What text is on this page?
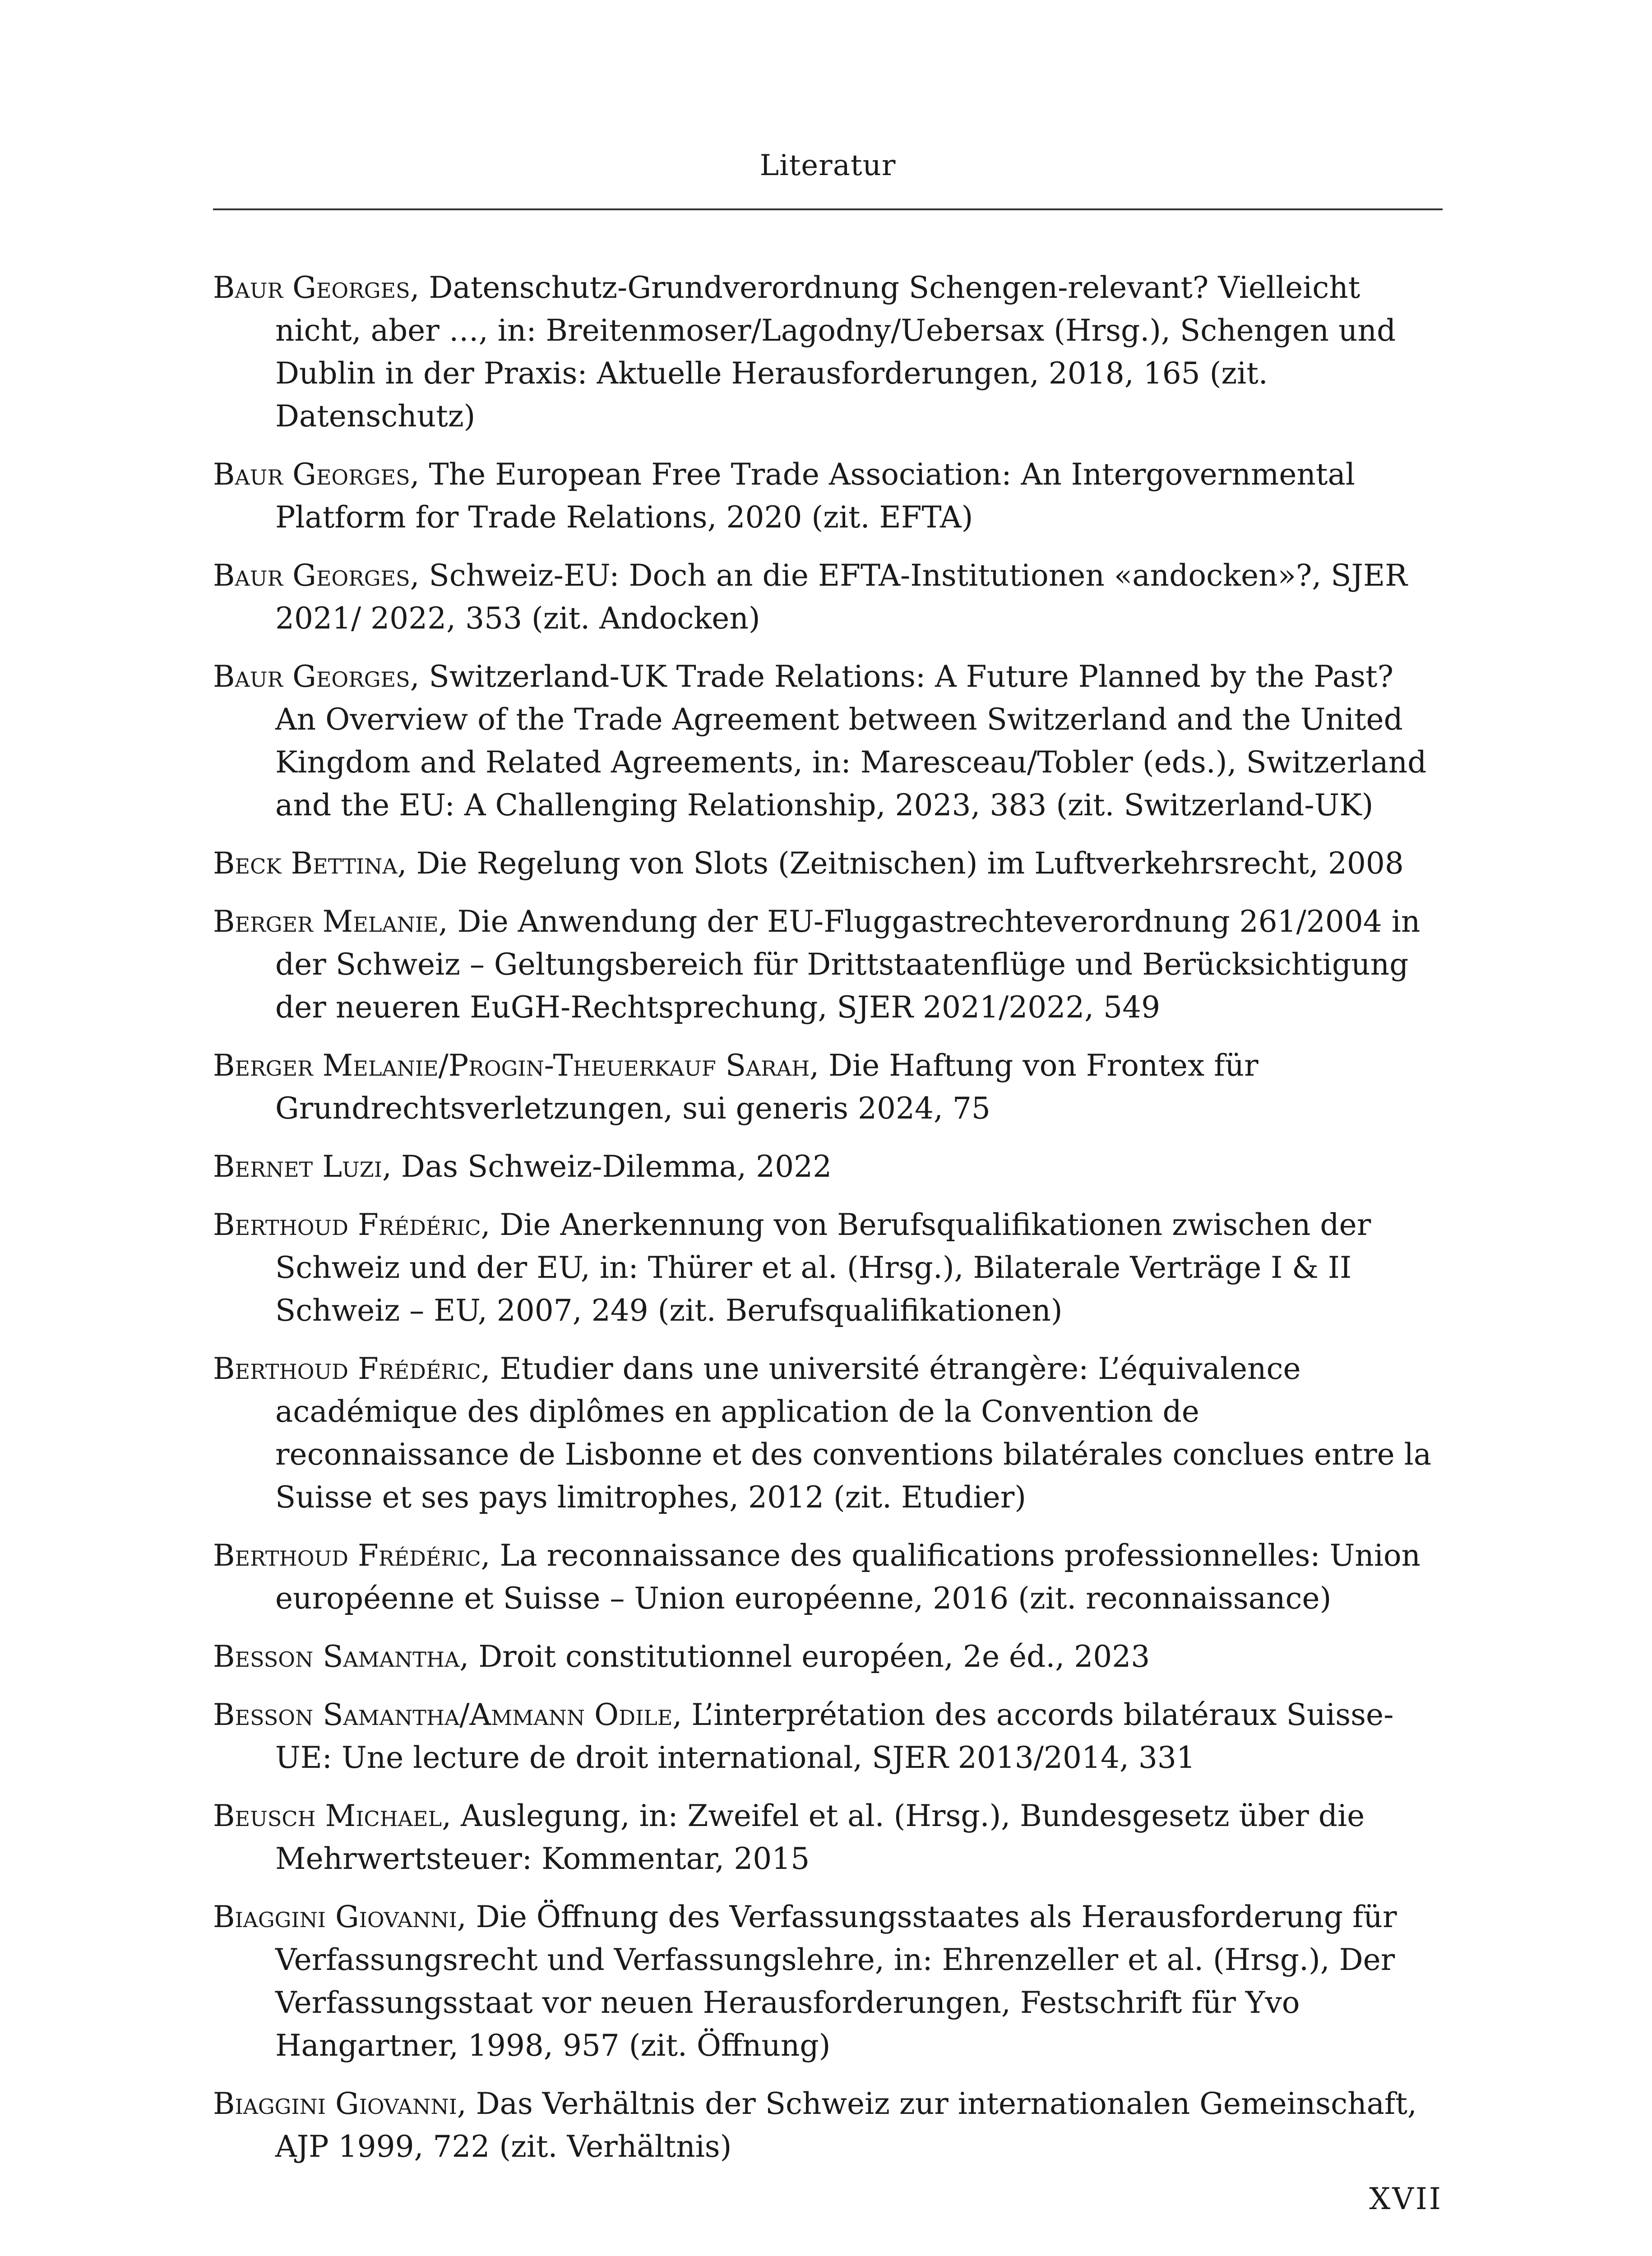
Literatur

Baur Georges, Datenschutz-Grundverordnung Schengen-relevant? Vielleicht nicht, aber …, in: Breitenmoser/Lagodny/Uebersax (Hrsg.), Schengen und Dublin in der Praxis: Aktuelle Herausforderungen, 2018, 165 (zit. Datenschutz)

Baur Georges, The European Free Trade Association: An Intergovernmental Platform for Trade Relations, 2020 (zit. EFTA)

Baur Georges, Schweiz-EU: Doch an die EFTA-Institutionen «andocken»?, SJER 2021/ 2022, 353 (zit. Andocken)

Baur Georges, Switzerland-UK Trade Relations: A Future Planned by the Past? An Overview of the Trade Agreement between Switzerland and the United Kingdom and Related Agreements, in: Maresceau/Tobler (eds.), Switzerland and the EU: A Challenging Relationship, 2023, 383 (zit. Switzerland-UK)

Beck Bettina, Die Regelung von Slots (Zeitnischen) im Luftverkehrsrecht, 2008

Berger Melanie, Die Anwendung der EU-Fluggastrechteverordnung 261/2004 in der Schweiz – Geltungsbereich für Drittstaatenflüge und Berücksichtigung der neueren EuGH-Rechtsprechung, SJER 2021/2022, 549

Berger Melanie/Progin-Theuerkauf Sarah, Die Haftung von Frontex für Grundrechtsverletzungen, sui generis 2024, 75

Bernet Luzi, Das Schweiz-Dilemma, 2022

Berthoud Frédéric, Die Anerkennung von Berufsqualifikationen zwischen der Schweiz und der EU, in: Thürer et al. (Hrsg.), Bilaterale Verträge I & II Schweiz – EU, 2007, 249 (zit. Berufsqualifikationen)

Berthoud Frédéric, Etudier dans une université étrangère: L’équivalence académique des diplômes en application de la Convention de reconnaissance de Lisbonne et des conventions bilatérales conclues entre la Suisse et ses pays limitrophes, 2012 (zit. Etudier)

Berthoud Frédéric, La reconnaissance des qualifications professionnelles: Union européenne et Suisse – Union européenne, 2016 (zit. reconnaissance)

Besson Samantha, Droit constitutionnel européen, 2e éd., 2023

Besson Samantha/Ammann Odile, L’interprétation des accords bilatéraux Suisse-UE: Une lecture de droit international, SJER 2013/2014, 331

Beusch Michael, Auslegung, in: Zweifel et al. (Hrsg.), Bundesgesetz über die Mehrwertsteuer: Kommentar, 2015

Biaggini Giovanni, Die Öffnung des Verfassungsstaates als Herausforderung für Verfassungsrecht und Verfassungslehre, in: Ehrenzeller et al. (Hrsg.), Der Verfassungsstaat vor neuen Herausforderungen, Festschrift für Yvo Hangartner, 1998, 957 (zit. Öffnung)

Biaggini Giovanni, Das Verhältnis der Schweiz zur internationalen Gemeinschaft, AJP 1999, 722 (zit. Verhältnis)

XVII
